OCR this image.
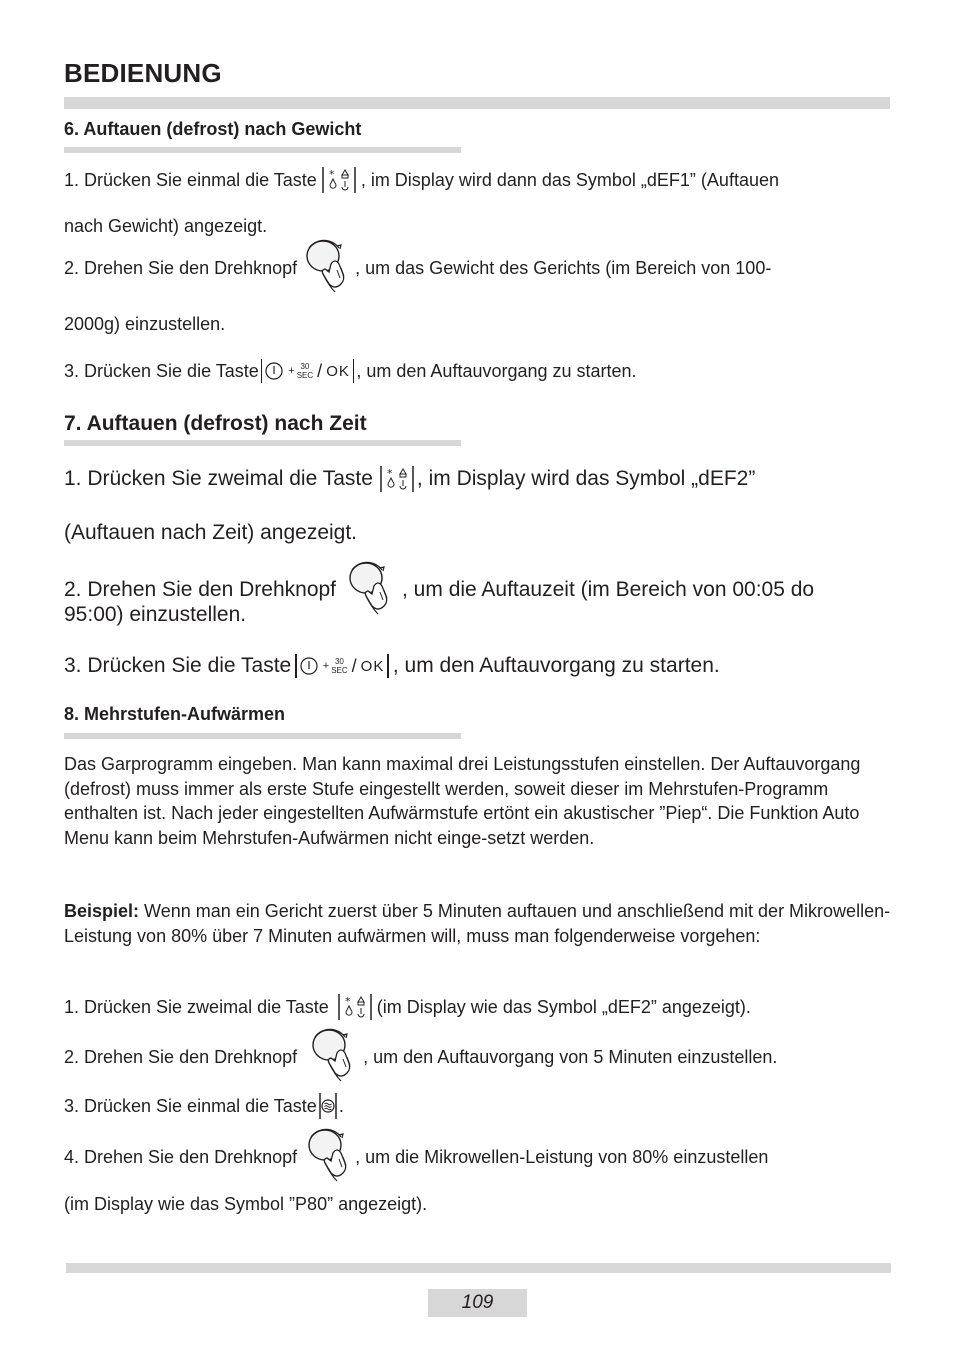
BEDIENUNG
6. Auftauen (defrost) nach Gewicht
1. Drücken Sie einmal die Taste , im Display wird dann das Symbol „dEF1” (Auftauen
nach Gewicht) angezeigt.
2. Drehen Sie den Drehknopf	, um das Gewicht des Gerichts (im Bereich von 100-
2000g) einzustellen.
3. Drücken Sie die Taste	+ 30
SEC / OK , um den Auftauvorgang zu starten.
7. Auftauen (defrost) nach Zeit
1. Drücken Sie zweimal die Taste , im Display wird das Symbol „dEF2”
(Auftauen nach Zeit) angezeigt.
2. Drehen Sie den Drehknopf	, um die Auftauzeit (im Bereich von 00:05 do
95:00) einzustellen.
3. Drücken Sie die Taste	+ 30
SEC / OK , um den Auftauvorgang zu starten.
8. Mehrstufen-Aufwärmen
Das Garprogramm eingeben. Man kann maximal drei Leistungsstufen einstellen. Der Auftauvorgang (defrost) muss immer als erste Stufe eingestellt werden, soweit dieser im Mehrstufen-Programm enthalten ist. Nach jeder eingestellten Aufwärmstufe ertönt ein akustischer ”Piep“. Die Funktion Auto Menu kann beim Mehrstufen-Aufwärmen nicht einge-setzt werden.
Beispiel: Wenn man ein Gericht zuerst über 5 Minuten auftauen und anschließend mit der Mikrowellen-Leistung von 80% über 7 Minuten aufwärmen will, muss man folgenderweise vorgehen:
1. Drücken Sie zweimal die Taste	(im Display wie das Symbol „dEF2” angezeigt).
2. Drehen Sie den Drehknopf	, um den Auftauvorgang von 5 Minuten einzustellen.
3. Drücken Sie einmal die Taste .
4. Drehen Sie den Drehknopf	, um die Mikrowellen-Leistung von 80% einzustellen
(im Display wie das Symbol ”P80” angezeigt).
109
